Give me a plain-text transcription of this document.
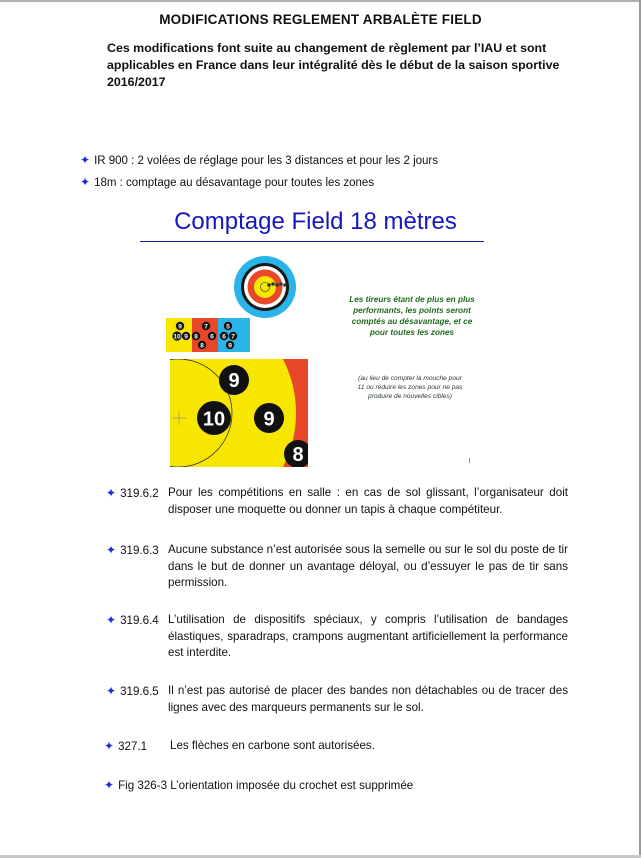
MODIFICATIONS REGLEMENT ARBALÈTE FIELD
Ces modifications font suite au changement de règlement par l’IAU et sont applicables en France dans leur intégralité dès le début de la saison sportive 2016/2017
✦ IR 900 : 2 volées de réglage pour les 3 distances et pour les 2 jours
✦ 18m : comptage au désavantage pour toutes les zones
Comptage Field 18 mètres
9
10 9 8
7
6
5
6 7
8	9
9
10 9
8
Les tireurs étant de plus en plus performants, les points seront comptés au désavantage, et ce pour toutes les zones
(au lieu de compter la mouche pour 11 ou réduire les zones pour ne pas produire de nouvelles cibles)
✦ 319.6.2 Pour les compétitions en salle : en cas de sol glissant, l’organisateur doit disposer une moquette ou donner un tapis à chaque compétiteur.
✦ 319.6.3 Aucune substance n’est autorisée sous la semelle ou sur le sol du poste de tir dans le but de donner un avantage déloyal, ou d’essuyer le pas de tir sans permission.
✦ 319.6.4 L’utilisation de dispositifs spéciaux, y compris l’utilisation de bandages élastiques, sparadraps, crampons augmentant artificiellement la performance est interdite.
✦ 319.6.5 Il n’est pas autorisé de placer des bandes non détachables ou de tracer des lignes avec des marqueurs permanents sur le sol.
✦ 327.1 Les flèches en carbone sont autorisées.
✦ Fig 326-3 L’orientation imposée du crochet est supprimée
